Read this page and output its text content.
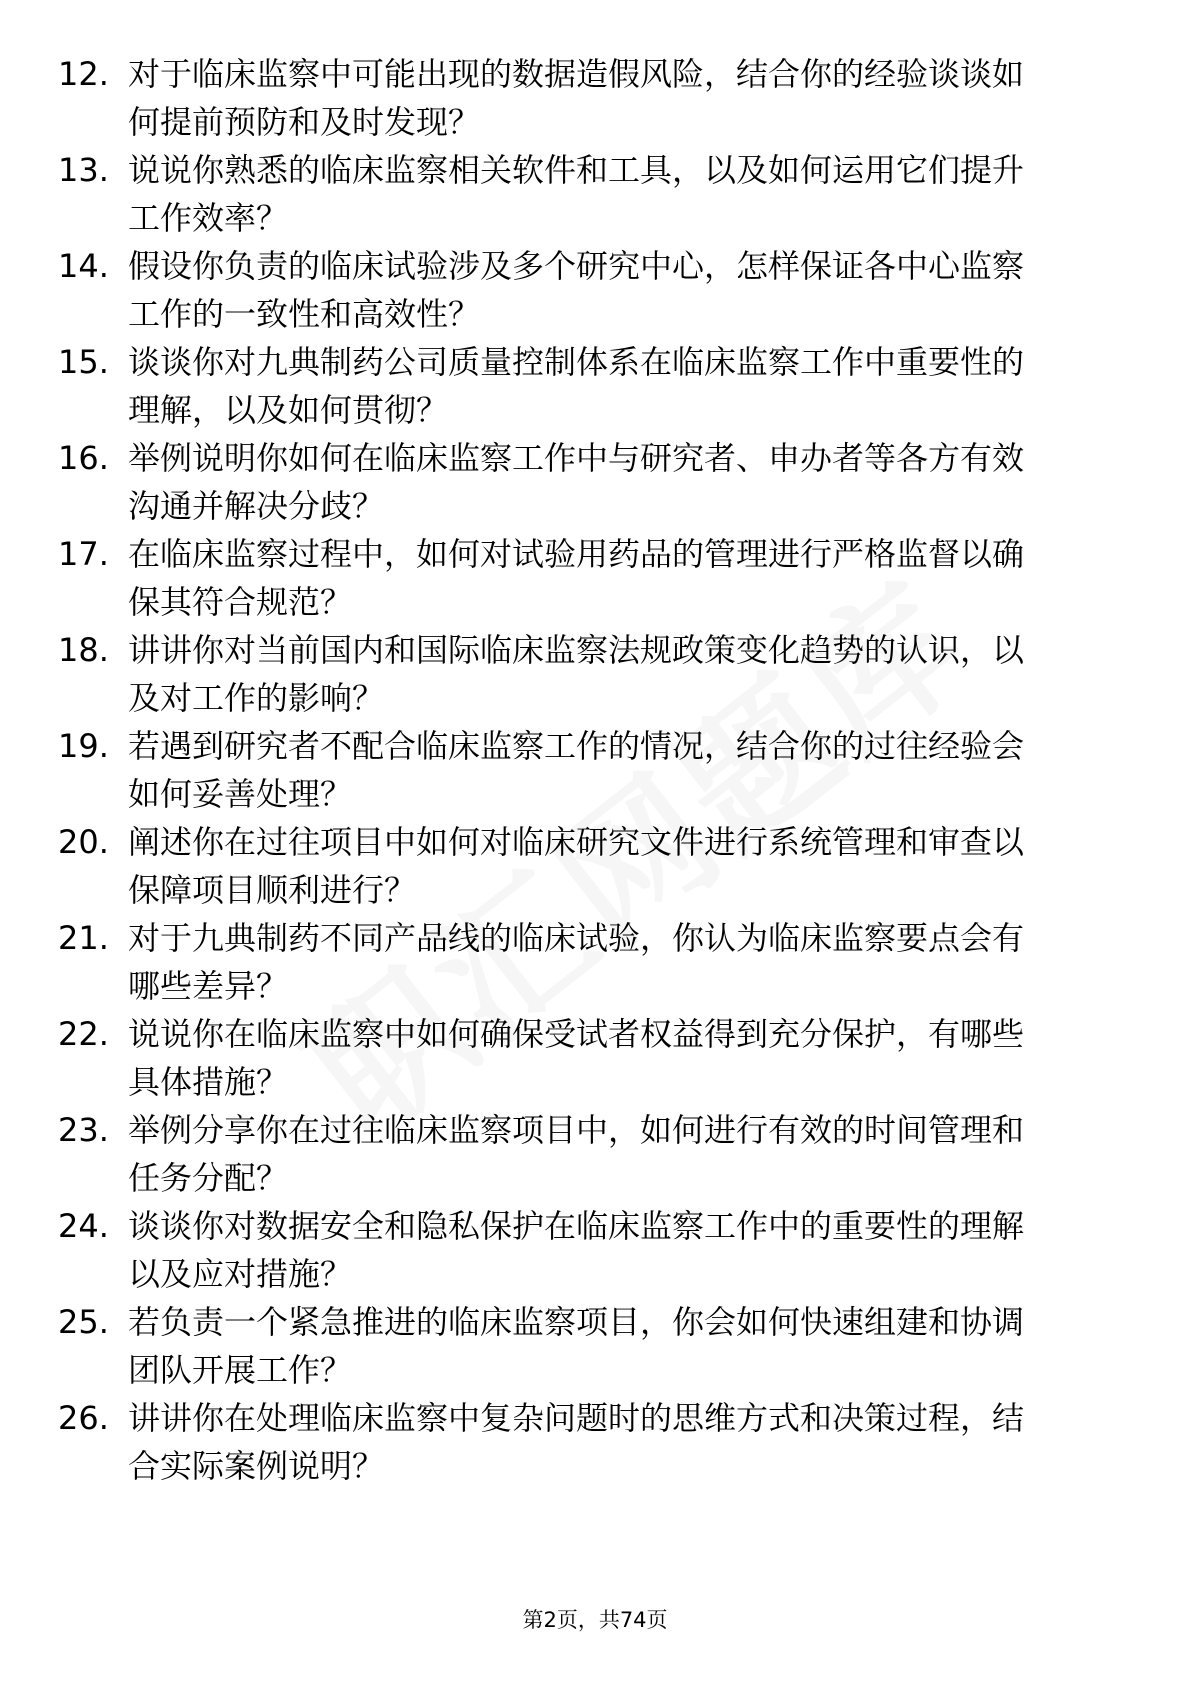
12. 对于临床监察中可能出现的数据造假风险，结合你的经验谈谈如
何提前预防和及时发现？
13. 说说你熟悉的临床监察相关软件和工具，以及如何运用它们提升
工作效率？
14. 假设你负责的临床试验涉及多个研究中心，怎样保证各中心监察
工作的一致性和高效性？
15. 谈谈你对九典制药公司质量控制体系在临床监察工作中重要性的
理解，以及如何贯彻？
16. 举例说明你如何在临床监察工作中与研究者、申办者等各方有效
沟通并解决分歧？
17. 在临床监察过程中，如何对试验用药品的管理进行严格监督以确
保其符合规范？
18. 讲讲你对当前国内和国际临床监察法规政策变化趋势的认识，以
及对工作的影响？
19. 若遇到研究者不配合临床监察工作的情况，结合你的过往经验会
如何妥善处理？
20. 阐述你在过往项目中如何对临床研究文件进行系统管理和审查以
保障项目顺利进行？
21. 对于九典制药不同产品线的临床试验，你认为临床监察要点会有
哪些差异？
22. 说说你在临床监察中如何确保受试者权益得到充分保护，有哪些
具体措施？
23. 举例分享你在过往临床监察项目中，如何进行有效的时间管理和
任务分配？
24. 谈谈你对数据安全和隐私保护在临床监察工作中的重要性的理解
以及应对措施？
25. 若负责一个紧急推进的临床监察项目，你会如何快速组建和协调
团队开展工作？
26. 讲讲你在处理临床监察中复杂问题时的思维方式和决策过程，结
合实际案例说明？
第2页，共74页
